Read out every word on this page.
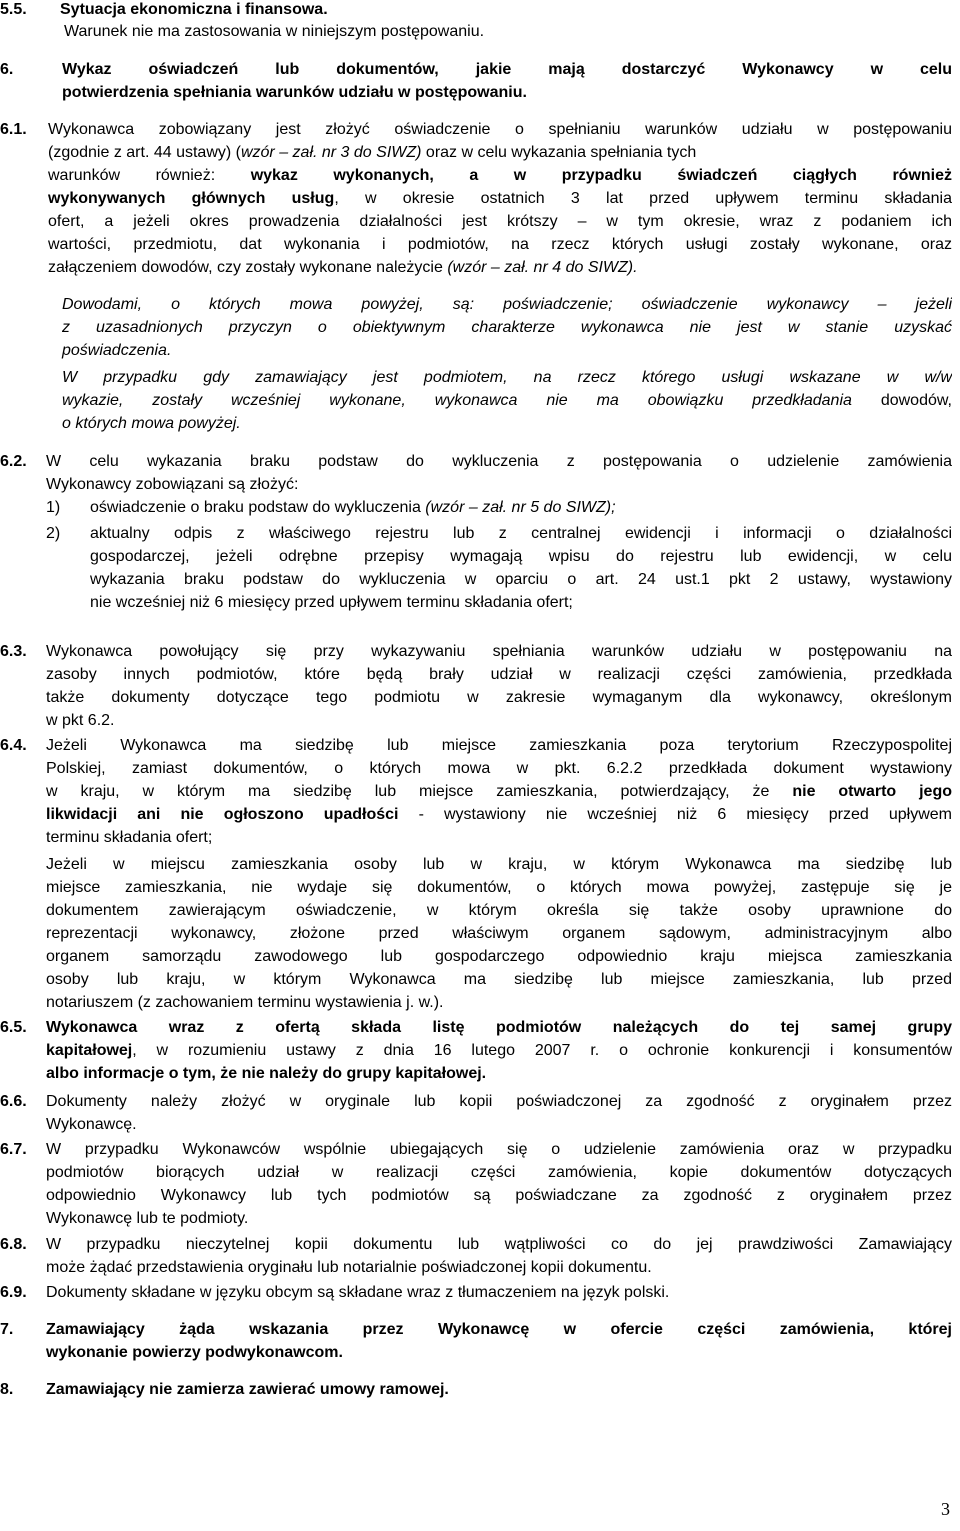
5.5. Sytuacja ekonomiczna i finansowa.
Warunek nie ma zastosowania w niniejszym postępowaniu.
6.	Wykaz oświadczeń lub dokumentów, jakie mają dostarczyć Wykonawcy w celu
potwierdzenia spełniania warunków udziału w postępowaniu.
6.1. Wykonawca zobowiązany jest złożyć oświadczenie o spełnianiu warunków udziału w postępowaniu
(zgodnie z art. 44 ustawy) (wzór – zał. nr 3 do SIWZ) oraz w celu wykazania spełniania tych
warunków również: wykaz wykonanych, a w przypadku świadczeń ciągłych również
wykonywanych głównych usług, w okresie ostatnich 3 lat przed upływem terminu składania
ofert, a jeżeli okres prowadzenia działalności jest krótszy – w tym okresie, wraz z podaniem ich
wartości, przedmiotu, dat wykonania i podmiotów, na rzecz których usługi zostały wykonane, oraz
załączeniem dowodów, czy zostały wykonane należycie (wzór – zał. nr 4 do SIWZ).
Dowodami, o których mowa powyżej, są: poświadczenie; oświadczenie wykonawcy – jeżeli
z uzasadnionych przyczyn o obiektywnym charakterze wykonawca nie jest w stanie uzyskać
poświadczenia.
W przypadku gdy zamawiający jest podmiotem, na rzecz którego usługi wskazane w w/w
wykazie, zostały wcześniej wykonane, wykonawca nie ma obowiązku przedkładania dowodów,
o których mowa powyżej.
6.2. W celu wykazania braku podstaw do wykluczenia z postępowania o udzielenie zamówienia
Wykonawcy zobowiązani są złożyć:
1) oświadczenie o braku podstaw do wykluczenia (wzór – zał. nr 5 do SIWZ);
2) aktualny odpis z właściwego rejestru lub z centralnej ewidencji i informacji o działalności
gospodarczej, jeżeli odrębne przepisy wymagają wpisu do rejestru lub ewidencji, w celu
wykazania braku podstaw do wykluczenia w oparciu o art. 24 ust.1 pkt 2 ustawy, wystawiony
nie wcześniej niż 6 miesięcy przed upływem terminu składania ofert;
6.3. Wykonawca powołujący się przy wykazywaniu spełniania warunków udziału w postępowaniu na
zasoby innych podmiotów, które będą brały udział w realizacji części zamówienia, przedkłada
także dokumenty dotyczące tego podmiotu w zakresie wymaganym dla wykonawcy, określonym
w pkt 6.2.
6.4. Jeżeli Wykonawca ma siedzibę lub miejsce zamieszkania poza terytorium Rzeczypospolitej
Polskiej, zamiast dokumentów, o których mowa w pkt. 6.2.2 przedkłada dokument wystawiony
w kraju, w którym ma siedzibę lub miejsce zamieszkania, potwierdzający, że nie otwarto jego
likwidacji ani nie ogłoszono upadłości - wystawiony nie wcześniej niż 6 miesięcy przed upływem
terminu składania ofert;
Jeżeli w miejscu zamieszkania osoby lub w kraju, w którym Wykonawca ma siedzibę lub
miejsce zamieszkania, nie wydaje się dokumentów, o których mowa powyżej, zastępuje się je
dokumentem zawierającym oświadczenie, w którym określa się także osoby uprawnione do
reprezentacji wykonawcy, złożone przed właściwym organem sądowym, administracyjnym albo
organem samorządu zawodowego lub gospodarczego odpowiednio kraju miejsca zamieszkania
osoby lub kraju, w którym Wykonawca ma siedzibę lub miejsce zamieszkania, lub przed
notariuszem (z zachowaniem terminu wystawienia j. w.).
6.5. Wykonawca wraz z ofertą składa listę podmiotów należących do tej samej grupy
kapitałowej, w rozumieniu ustawy z dnia 16 lutego 2007 r. o ochronie konkurencji i konsumentów
albo informacje o tym, że nie należy do grupy kapitałowej.
6.6. Dokumenty należy złożyć w oryginale lub kopii poświadczonej za zgodność z oryginałem przez
Wykonawcę.
6.7. W przypadku Wykonawców wspólnie ubiegających się o udzielenie zamówienia oraz w przypadku
podmiotów biorących udział w realizacji części zamówienia, kopie dokumentów dotyczących
odpowiednio Wykonawcy lub tych podmiotów są poświadczane za zgodność z oryginałem przez
Wykonawcę lub te podmioty.
6.8. W przypadku nieczytelnej kopii dokumentu lub wątpliwości co do jej prawdziwości Zamawiający
może żądać przedstawienia oryginału lub notarialnie poświadczonej kopii dokumentu.
6.9. Dokumenty składane w języku obcym są składane wraz z tłumaczeniem na język polski.
7. Zamawiający żąda wskazania przez Wykonawcę w ofercie części zamówienia, której
wykonanie powierzy podwykonawcom.
8. Zamawiający nie zamierza zawierać umowy ramowej.
3
